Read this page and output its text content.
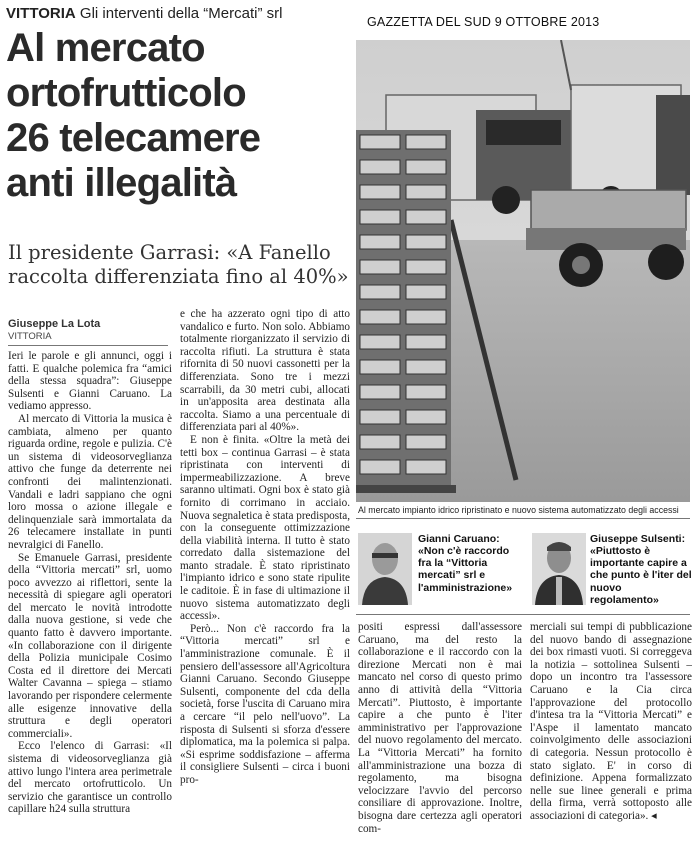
VITTORIA Gli interventi della “Mercati” srl	GAZZETTA DEL SUD 9 OTTOBRE 2013
Al mercato
ortofrutticolo
26 telecamere
anti illegalità
Il presidente Garrasi: «A Fanello raccolta differenziata fino al 40%»
Giuseppe La Lota
VITTORIA

Ieri le parole e gli annunci, oggi i fatti. E qualche polemica fra “amici della stessa squadra”: Giuseppe Sulsenti e Gianni Caruano. La vediamo appresso.

Al mercato di Vittoria la musica è cambiata, almeno per quanto riguarda ordine, regole e pulizia. C'è un sistema di videosorveglianza attivo che funge da deterrente nei confronti dei malintenzionati. Vandali e ladri sappiano che ogni loro mossa o azione illegale e delinquenziale sarà immortalata da 26 telecamere installate in punti nevralgici di Fanello.

Se Emanuele Garrasi, presidente della “Vittoria mercati” srl, uomo poco avvezzo ai riflettori, sente la necessità di spiegare agli operatori del mercato le novità introdotte dalla nuova gestione, si vede che quanto fatto è davvero importante. «In collaborazione con il dirigente della Polizia municipale Cosimo Costa ed il direttore dei Mercati Walter Cavanna – spiega – stiamo lavorando per rispondere celermente alle esigenze innovative della struttura e degli operatori commerciali».

Ecco l'elenco di Garrasi: «Il sistema di videosorveglianza già attivo lungo l'intera area perimetrale del mercato ortofrutticolo. Un servizio che garantisce un controllo capillare h24 sulla struttura

e che ha azzerato ogni tipo di atto vandalico e furto. Non solo. Abbiamo totalmente riorganizzato il servizio di raccolta rifiuti. La struttura è stata rifornita di 50 nuovi cassonetti per la differenziata. Sono tre i mezzi scarrabili, da 30 metri cubi, allocati in un'apposita area destinata alla raccolta. Siamo a una percentuale di differenziata pari al 40%».

E non è finita. «Oltre la metà dei tetti box – continua Garrasi – è stata ripristinata con interventi di impermeabilizzazione. A breve saranno ultimati. Ogni box è stato già fornito di corrimano in acciaio. Nuova segnaletica è stata predisposta, con la conseguente ottimizzazione della viabilità interna. Il tutto è stato corredato dalla sistemazione del manto stradale. È stato ripristinato l'impianto idrico e sono state ripulite le caditoie. È in fase di ultimazione il nuovo sistema automatizzato degli accessi».

Però... Non c'è raccordo fra la “Vittoria mercati” srl e l'amministrazione comunale. È il pensiero dell'assessore all'Agricoltura Gianni Caruano. Secondo Giuseppe Sulsenti, componente del cda della società, forse l'uscita di Caruano mira a cercare “il pelo nell'uovo”. La risposta di Sulsenti si sforza d'essere diplomatica, ma la polemica si palpa. «Si esprime soddisfazione – afferma il consigliere Sulsenti – circa i buoni pro-

Al mercato impianto idrico ripristinato e nuovo sistema automatizzato degli accessi
Gianni Caruano:
«Non c'è raccordo fra la “Vittoria mercati” srl e l'amministrazione»
Giuseppe Sulsenti:
«Piuttosto è importante capire a che punto è l'iter del nuovo regolamento»

positi espressi dall'assessore Caruano, ma del resto la collaborazione e il raccordo con la direzione Mercati non è mai mancato nel corso di questo primo anno di attività della “Vittoria Mercati”. Piuttosto, è importante capire a che punto è l'iter amministrativo per l'approvazione del nuovo regolamento del mercato. La “Vittoria Mercati” ha fornito all'amministrazione una bozza di regolamento, ma bisogna velocizzare l'avvio del percorso consiliare di approvazione. Inoltre, bisogna dare certezza agli operatori com-

merciali sui tempi di pubblicazione del nuovo bando di assegnazione dei box rimasti vuoti. Si correggeva la notizia – sottolinea Sulsenti – dopo un incontro tra l'assessore Caruano e la Cia circa l'approvazione del protocollo d'intesa tra la “Vittoria Mercati” e l'Aspe il lamentato mancato coinvolgimento delle associazioni di categoria. Nessun protocollo è stato siglato. E' in corso di definizione. Appena formalizzato nelle sue linee generali e prima della firma, verrà sottoposto alle associazioni di categoria». ◂
